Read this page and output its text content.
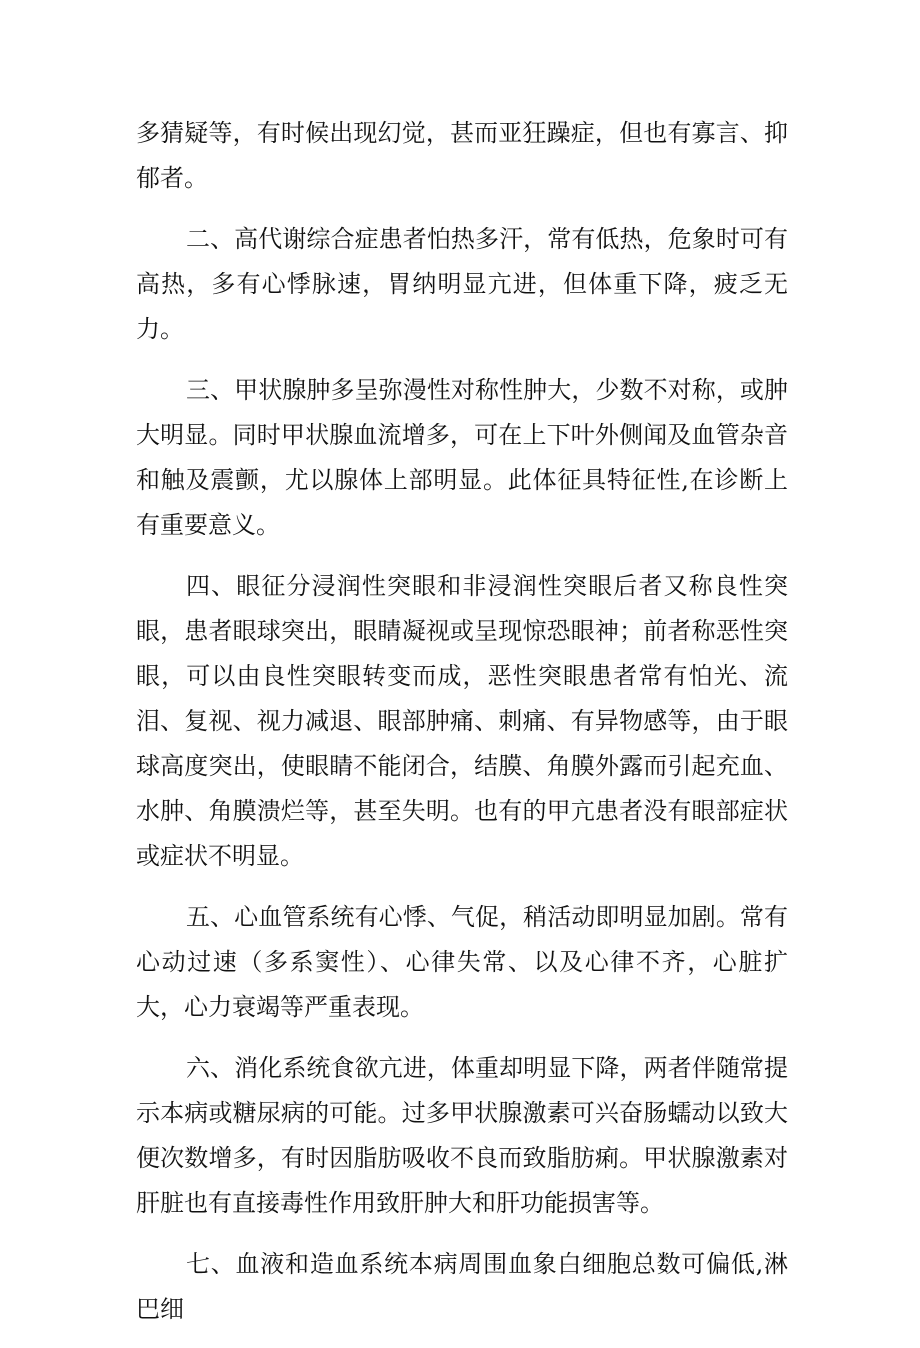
多猜疑等，有时候出现幻觉，甚而亚狂躁症，但也有寡言、抑郁者。

二、高代谢综合症患者怕热多汗，常有低热，危象时可有高热，多有心悸脉速，胃纳明显亢进，但体重下降，疲乏无力。

三、甲状腺肿多呈弥漫性对称性肿大，少数不对称，或肿大明显。同时甲状腺血流增多，可在上下叶外侧闻及血管杂音和触及震颤，尤以腺体上部明显。此体征具特征性,在诊断上有重要意义。

四、眼征分浸润性突眼和非浸润性突眼后者又称良性突眼，患者眼球突出，眼睛凝视或呈现惊恐眼神；前者称恶性突眼，可以由良性突眼转变而成，恶性突眼患者常有怕光、流泪、复视、视力减退、眼部肿痛、刺痛、有异物感等，由于眼球高度突出，使眼睛不能闭合，结膜、角膜外露而引起充血、水肿、角膜溃烂等，甚至失明。也有的甲亢患者没有眼部症状或症状不明显。

五、心血管系统有心悸、气促，稍活动即明显加剧。常有心动过速（多系窦性）、心律失常、以及心律不齐，心脏扩大，心力衰竭等严重表现。

六、消化系统食欲亢进，体重却明显下降，两者伴随常提示本病或糖尿病的可能。过多甲状腺激素可兴奋肠蠕动以致大便次数增多，有时因脂肪吸收不良而致脂肪痢。甲状腺激素对肝脏也有直接毒性作用致肝肿大和肝功能损害等。

七、血液和造血系统本病周围血象白细胞总数可偏低,淋巴细
